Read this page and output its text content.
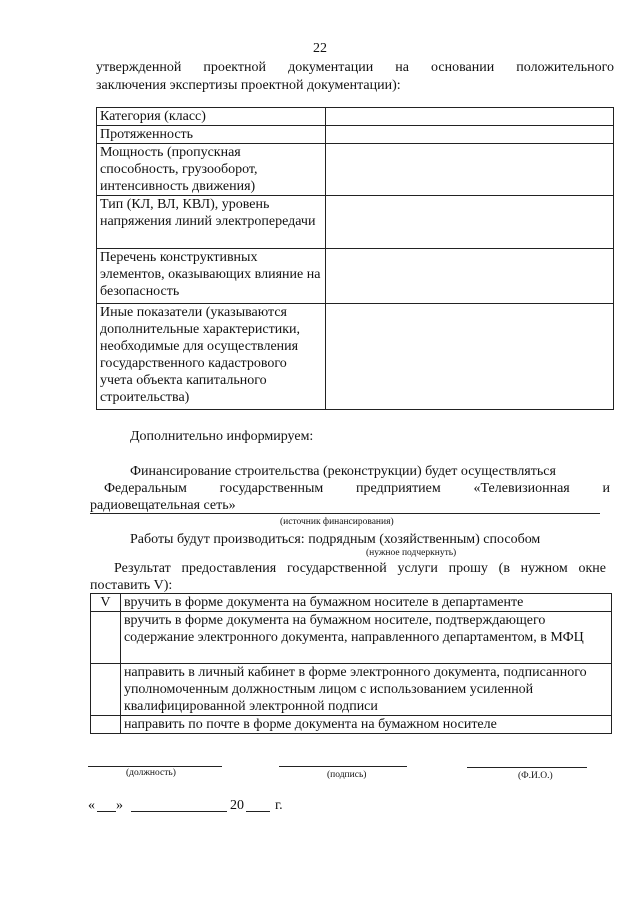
22
утвержденной проектной документации на основании положительного
заключения экспертизы проектной документации):
Категория (класс)	
Протяженность	
Мощность (пропускная способность, грузооборот, интенсивность движения)	
Тип (КЛ, ВЛ, КВЛ), уровень напряжения линий электропередачи	
Перечень конструктивных элементов, оказывающих влияние на безопасность	
Иные показатели (указываются дополнительные характеристики, необходимые для осуществления государственного кадастрового учета объекта капитального строительства)	
Дополнительно информируем:
Финансирование строительства (реконструкции) будет осуществляться
Федеральным государственным предприятием «Телевизионная и
радиовещательная сеть»
(источник финансирования)
Работы будут производиться: подрядным (хозяйственным) способом
(нужное подчеркнуть)
Результат предоставления государственной услуги прошу (в нужном окне
поставить V):
V	вручить в форме документа на бумажном носителе в департаменте
	вручить в форме документа на бумажном носителе, подтверждающего содержание электронного документа, направленного департаментом, в МФЦ
	направить в личный кабинет в форме электронного документа, подписанного уполномоченным должностным лицом с использованием усиленной квалифицированной электронной подписи
	направить по почте в форме документа на бумажном носителе
(должность)	(подпись)	(Ф.И.О.)
« »	20 г.
